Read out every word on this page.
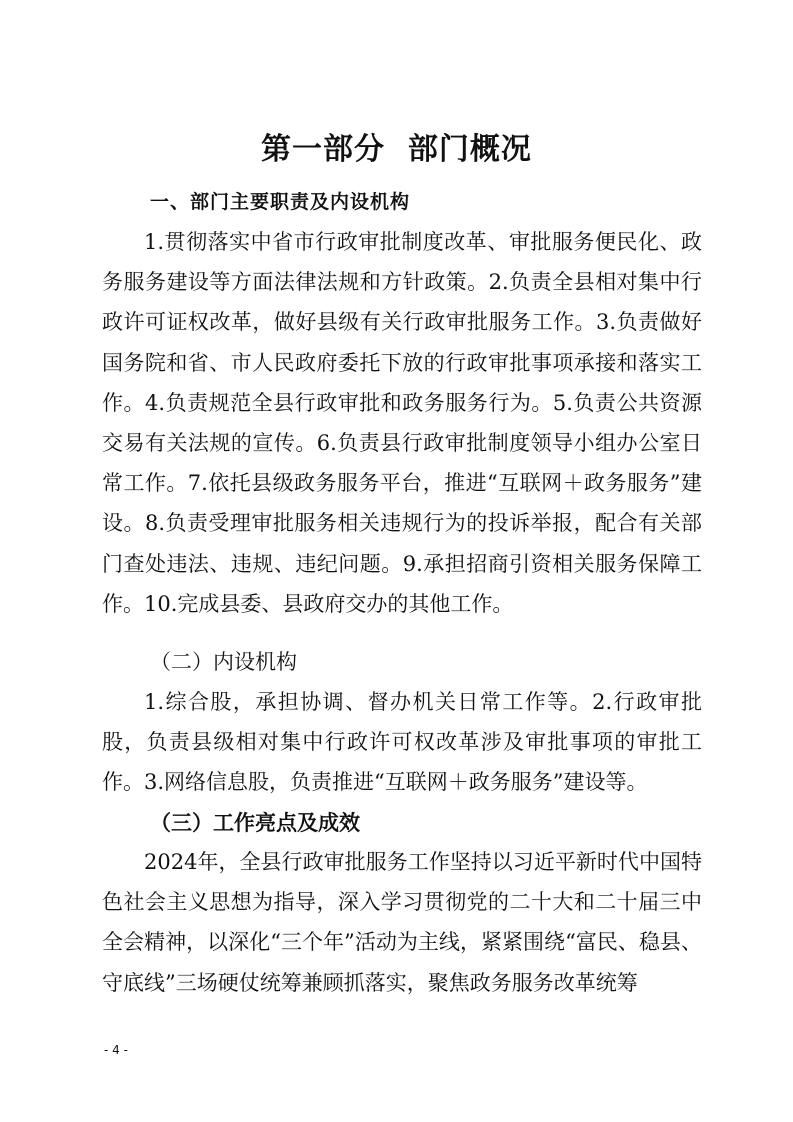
第一部分  部门概况
一、部门主要职责及内设机构

1.贯彻落实中省市行政审批制度改革、审批服务便民化、政务服务建设等方面法律法规和方针政策。2.负责全县相对集中行政许可证权改革，做好县级有关行政审批服务工作。3.负责做好国务院和省、市人民政府委托下放的行政审批事项承接和落实工作。4.负责规范全县行政审批和政务服务行为。5.负责公共资源交易有关法规的宣传。6.负责县行政审批制度领导小组办公室日常工作。7.依托县级政务服务平台，推进“互联网＋政务服务”建设。8.负责受理审批服务相关违规行为的投诉举报，配合有关部门查处违法、违规、违纪问题。9.承担招商引资相关服务保障工作。10.完成县委、县政府交办的其他工作。

（二）内设机构

1.综合股，承担协调、督办机关日常工作等。2.行政审批股，负责县级相对集中行政许可权改革涉及审批事项的审批工作。3.网络信息股，负责推进“互联网＋政务服务”建设等。

（三）工作亮点及成效

2024年，全县行政审批服务工作坚持以习近平新时代中国特色社会主义思想为指导，深入学习贯彻党的二十大和二十届三中全会精神，以深化“三个年”活动为主线，紧紧围绕“富民、稳县、守底线”三场硬仗统筹兼顾抓落实，聚焦政务服务改革统筹

- 4 -
